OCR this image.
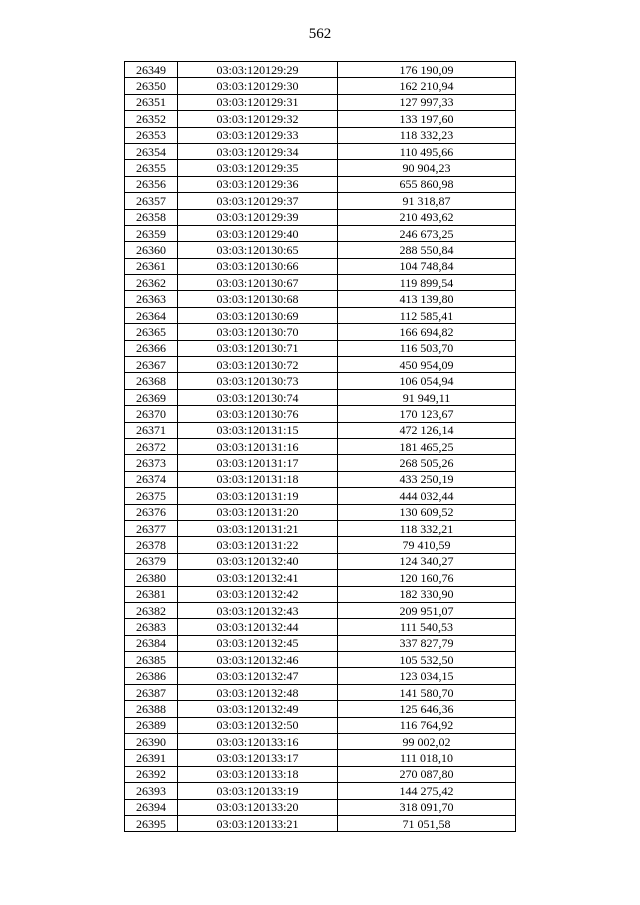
562
26349	03:03:120129:29	176 190,09
26350	03:03:120129:30	162 210,94
26351	03:03:120129:31	127 997,33
26352	03:03:120129:32	133 197,60
26353	03:03:120129:33	118 332,23
26354	03:03:120129:34	110 495,66
26355	03:03:120129:35	90 904,23
26356	03:03:120129:36	655 860,98
26357	03:03:120129:37	91 318,87
26358	03:03:120129:39	210 493,62
26359	03:03:120129:40	246 673,25
26360	03:03:120130:65	288 550,84
26361	03:03:120130:66	104 748,84
26362	03:03:120130:67	119 899,54
26363	03:03:120130:68	413 139,80
26364	03:03:120130:69	112 585,41
26365	03:03:120130:70	166 694,82
26366	03:03:120130:71	116 503,70
26367	03:03:120130:72	450 954,09
26368	03:03:120130:73	106 054,94
26369	03:03:120130:74	91 949,11
26370	03:03:120130:76	170 123,67
26371	03:03:120131:15	472 126,14
26372	03:03:120131:16	181 465,25
26373	03:03:120131:17	268 505,26
26374	03:03:120131:18	433 250,19
26375	03:03:120131:19	444 032,44
26376	03:03:120131:20	130 609,52
26377	03:03:120131:21	118 332,21
26378	03:03:120131:22	79 410,59
26379	03:03:120132:40	124 340,27
26380	03:03:120132:41	120 160,76
26381	03:03:120132:42	182 330,90
26382	03:03:120132:43	209 951,07
26383	03:03:120132:44	111 540,53
26384	03:03:120132:45	337 827,79
26385	03:03:120132:46	105 532,50
26386	03:03:120132:47	123 034,15
26387	03:03:120132:48	141 580,70
26388	03:03:120132:49	125 646,36
26389	03:03:120132:50	116 764,92
26390	03:03:120133:16	99 002,02
26391	03:03:120133:17	111 018,10
26392	03:03:120133:18	270 087,80
26393	03:03:120133:19	144 275,42
26394	03:03:120133:20	318 091,70
26395	03:03:120133:21	71 051,58
